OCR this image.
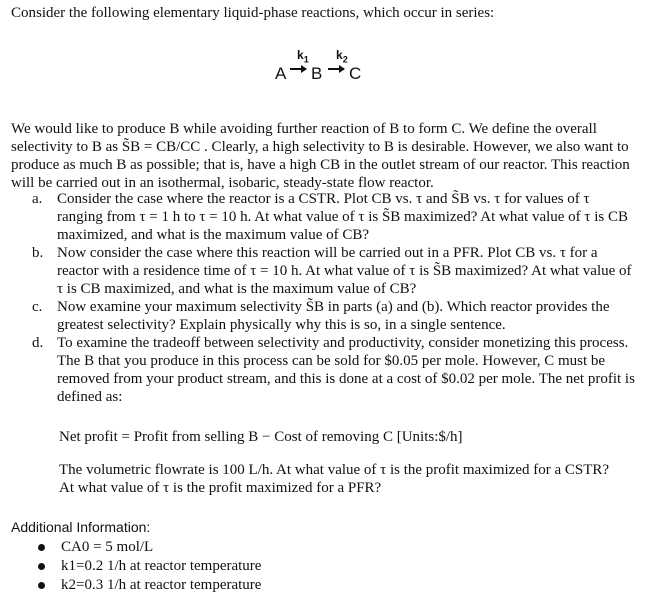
Consider the following elementary liquid-phase reactions, which occur in series:

A
$k_1$
B
$k_2$
C

We would like to produce B while avoiding further reaction of B to form C. We define the overall selectivity to B as S̃B = CB/CC . Clearly, a high selectivity to B is desirable. However, we also want to produce as much B as possible; that is, have a high CB in the outlet stream of our reactor. This reaction will be carried out in an isothermal, isobaric, steady-state flow reactor.

a. Consider the case where the reactor is a CSTR. Plot CB vs. τ and S̃B vs. τ for values of τ ranging from τ = 1 h to τ = 10 h. At what value of τ is S̃B maximized? At what value of τ is CB maximized, and what is the maximum value of CB?
b. Now consider the case where this reaction will be carried out in a PFR. Plot CB vs. τ for a reactor with a residence time of τ = 10 h. At what value of τ is S̃B maximized? At what value of τ is CB maximized, and what is the maximum value of CB?
c. Now examine your maximum selectivity S̃B in parts (a) and (b). Which reactor provides the greatest selectivity? Explain physically why this is so, in a single sentence.
d. To examine the tradeoff between selectivity and productivity, consider monetizing this process. The B that you produce in this process can be sold for $0.05 per mole. However, C must be removed from your product stream, and this is done at a cost of $0.02 per mole. The net profit is defined as:

Net profit = Profit from selling B − Cost of removing C [Units:$/h]

The volumetric flowrate is 100 L/h. At what value of τ is the profit maximized for a CSTR? At what value of τ is the profit maximized for a PFR?

Additional Information:
CA0 = 5 mol/L
k1=0.2 1/h at reactor temperature
k2=0.3 1/h at reactor temperature
